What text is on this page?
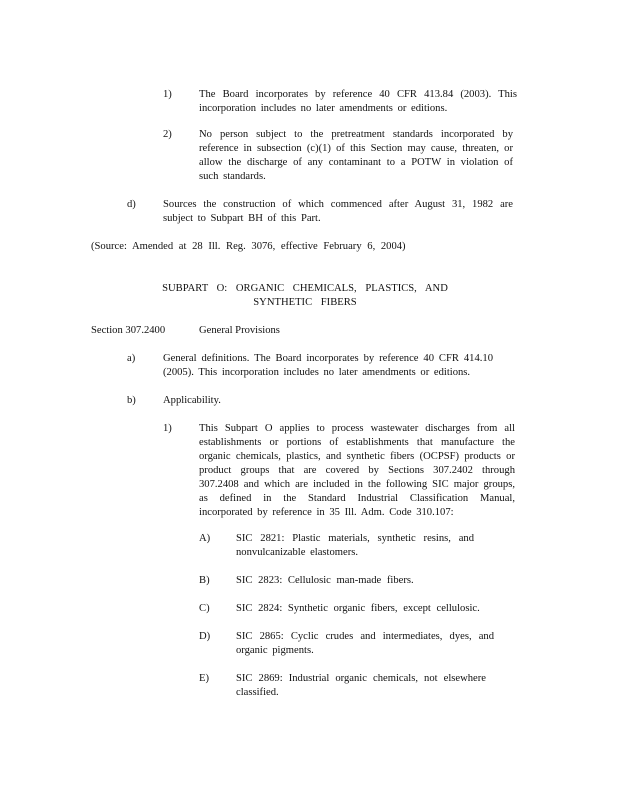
1)	The Board incorporates by reference 40 CFR 413.84 (2003). This incorporation includes no later amendments or editions.

2)	No person subject to the pretreatment standards incorporated by reference in subsection (c)(1) of this Section may cause, threaten, or allow the discharge of any contaminant to a POTW in violation of such standards.

d)	Sources the construction of which commenced after August 31, 1982 are subject to Subpart BH of this Part.

(Source: Amended at 28 Ill. Reg. 3076, effective February 6, 2004)

SUBPART O: ORGANIC CHEMICALS, PLASTICS, AND

SYNTHETIC FIBERS

Section 307.2400	General Provisions

a)	General definitions. The Board incorporates by reference 40 CFR 414.10 (2005). This incorporation includes no later amendments or editions.

b)	Applicability.

1)	This Subpart O applies to process wastewater discharges from all establishments or portions of establishments that manufacture the organic chemicals, plastics, and synthetic fibers (OCPSF) products or product groups that are covered by Sections 307.2402 through 307.2408 and which are included in the following SIC major groups, as defined in the Standard Industrial Classification Manual, incorporated by reference in 35 Ill. Adm. Code 310.107:

A) SIC 2821: Plastic materials, synthetic resins, and nonvulcanizable elastomers.

B) SIC 2823: Cellulosic man-made fibers.

C) SIC 2824: Synthetic organic fibers, except cellulosic.

D) SIC 2865: Cyclic crudes and intermediates, dyes, and organic pigments.

E)	SIC 2869: Industrial organic chemicals, not elsewhere classified.
